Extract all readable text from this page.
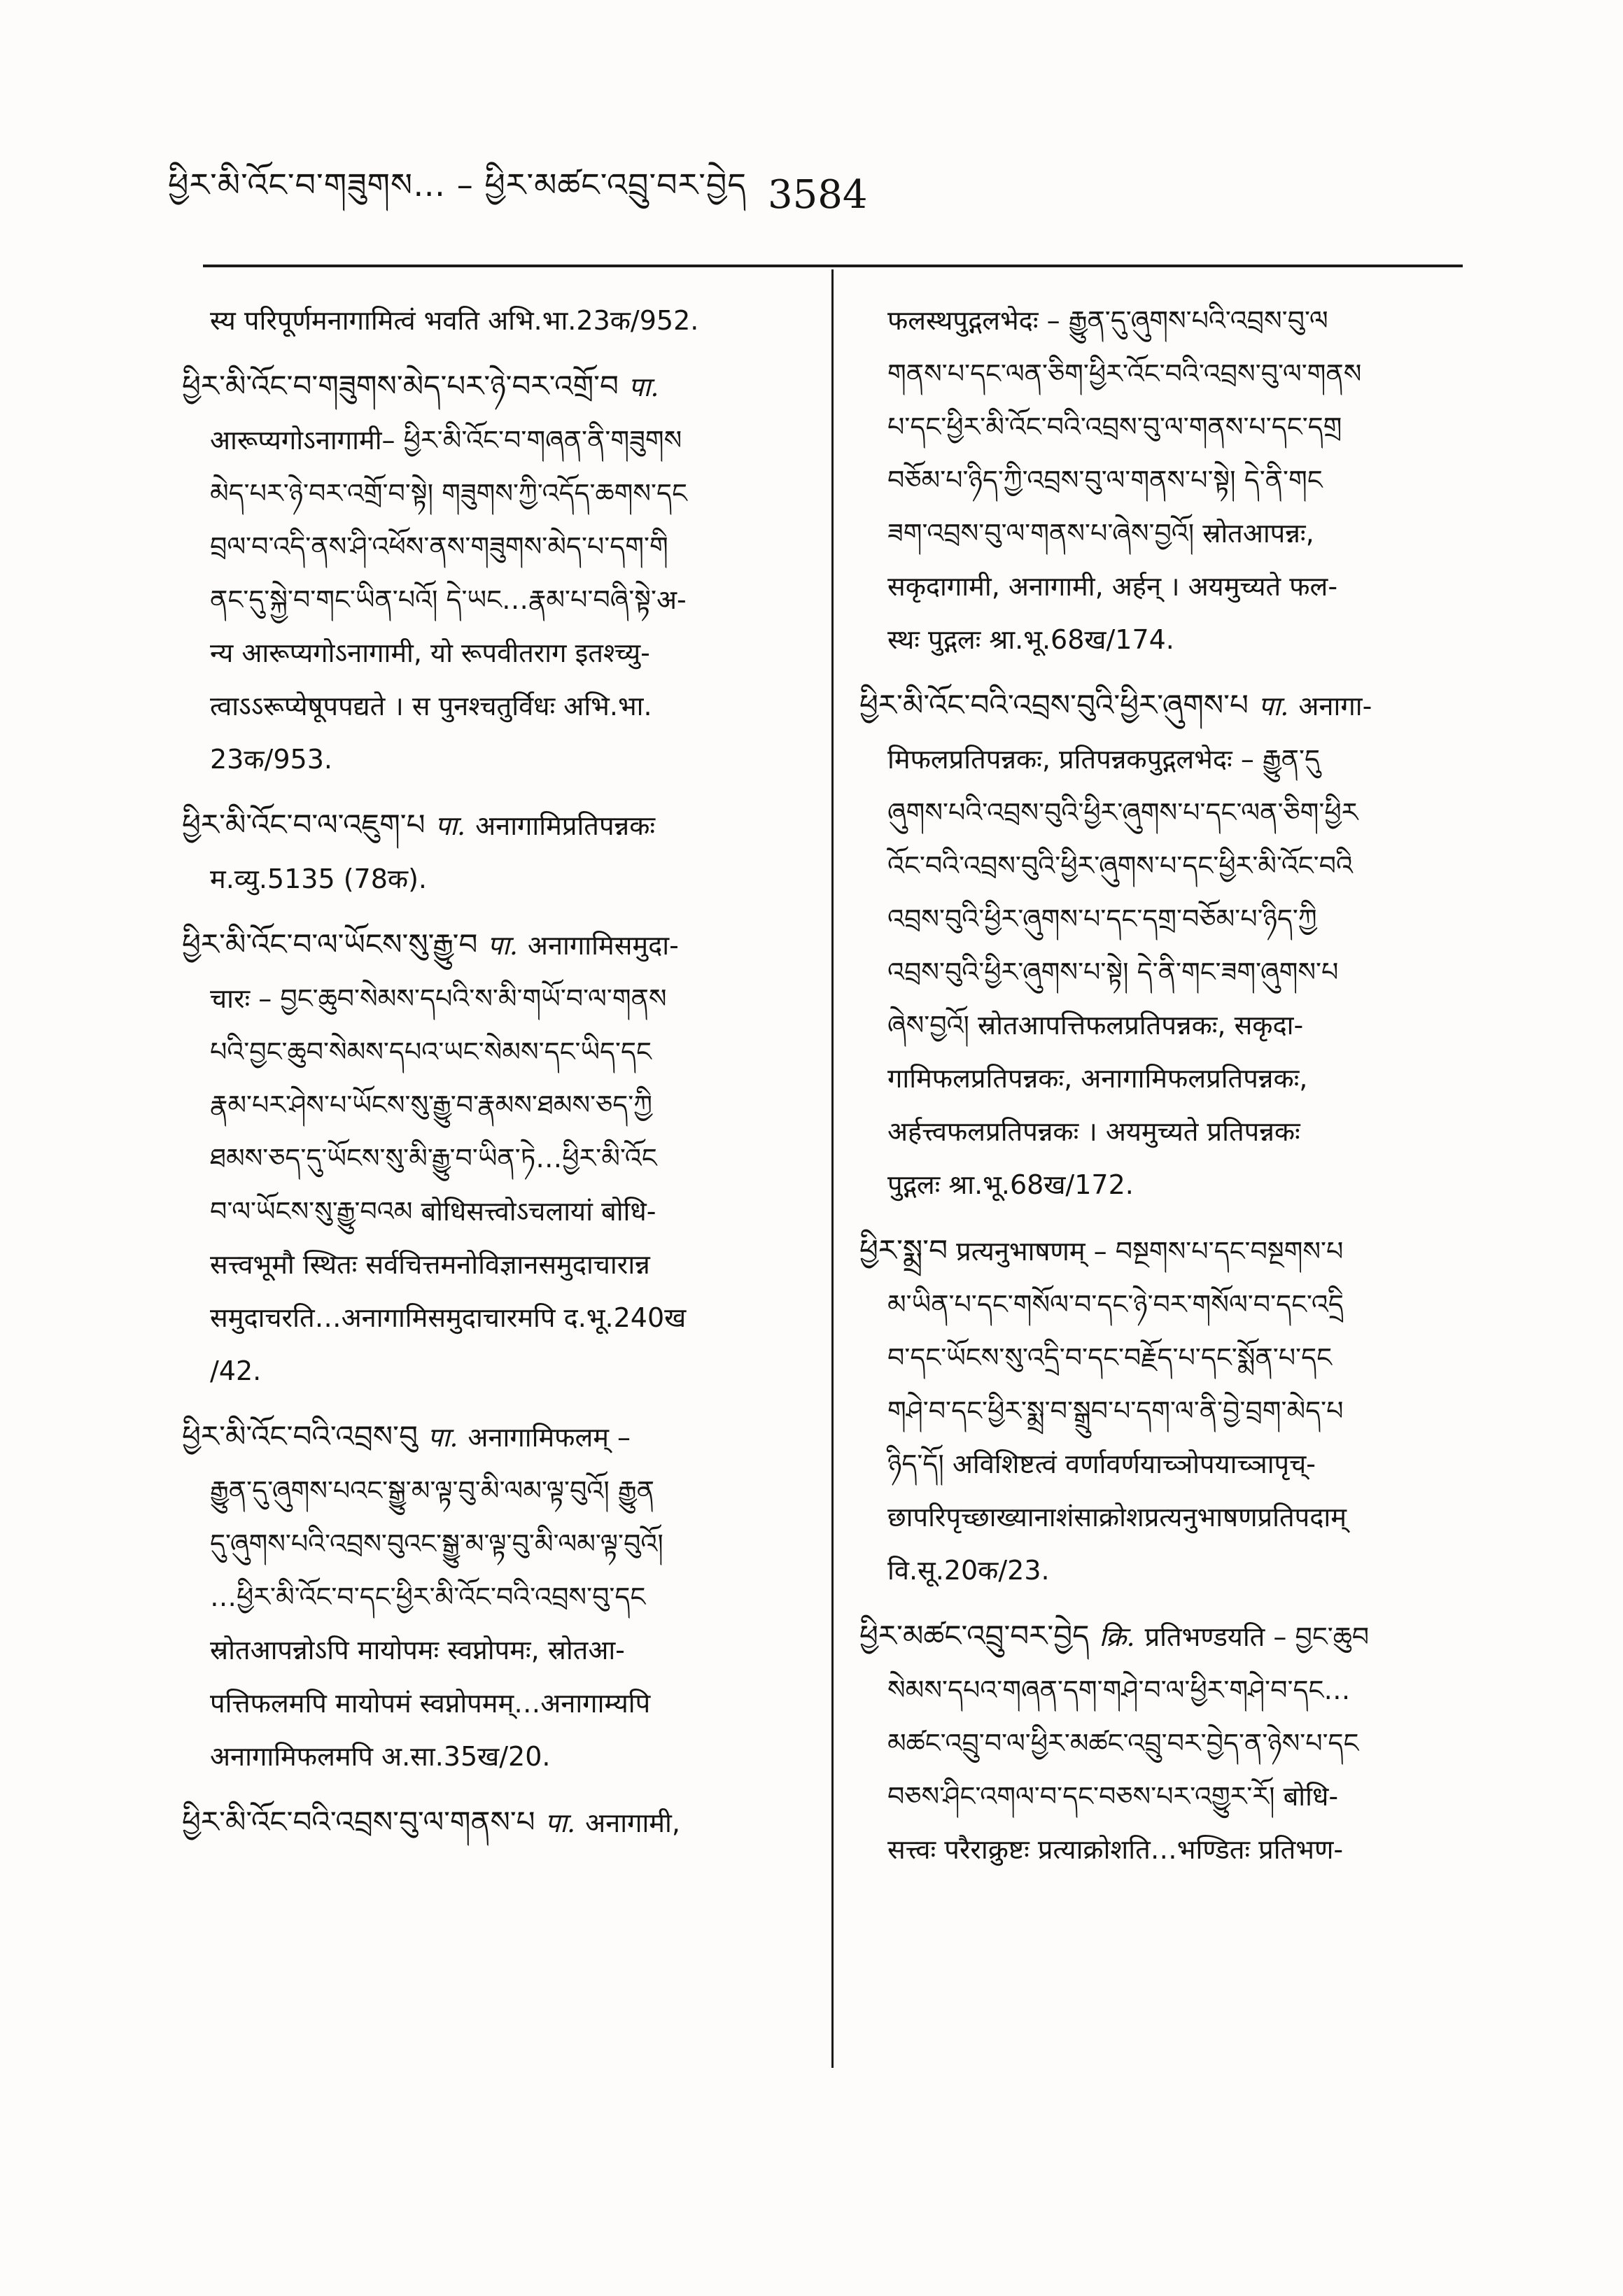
ཕྱིར་མི་འོང་བ་གཟུགས… – ཕྱིར་མཚང་འབྲུ་བར་བྱེད 3584

स्य परिपूर्णमनागामित्वं भवति अभि.भा.23क/952.

ཕྱིར་མི་འོང་བ་གཟུགས་མེད་པར་ཉེ་བར་འགྲོ་བ पा.

आरूप्यगोऽनागामी– ཕྱིར་མི་འོང་བ་གཞན་ནི་གཟུགས

མེད་པར་ཉེ་བར་འགྲོ་བ་སྟེ། གཟུགས་ཀྱི་འདོད་ཆགས་དང

བྲལ་བ་འདི་ནས་ཤི་འཕོས་ནས་གཟུགས་མེད་པ་དག་གི

ནང་དུ་སྐྱེ་བ་གང་ཡིན་པའོ། དེ་ཡང…རྣམ་པ་བཞི་སྟེ་अ-

न्य आरूप्यगोऽनागामी, यो रूपवीतराग इतश्च्यु-

त्वाऽऽरूप्येषूपपद्यते । स पुनश्चतुर्विधः अभि.भा.

23क/953.

ཕྱིར་མི་འོང་བ་ལ་འཇུག་པ पा. अनागामिप्रतिपन्नकः

म.व्यु.5135 (78क).

ཕྱིར་མི་འོང་བ་ལ་ཡོངས་སུ་རྒྱུ་བ पा. अनागामिसमुदा-

चारः – བྱང་ཆུབ་སེམས་དཔའི་ས་མི་གཡོ་བ་ལ་གནས

པའི་བྱང་ཆུབ་སེམས་དཔའ་ཡང་སེམས་དང་ཡིད་དང

རྣམ་པར་ཤེས་པ་ཡོངས་སུ་རྒྱུ་བ་རྣམས་ཐམས་ཅད་ཀྱི

ཐམས་ཅད་དུ་ཡོངས་སུ་མི་རྒྱུ་བ་ཡིན་ཏེ…ཕྱིར་མི་འོང

བ་ལ་ཡོངས་སུ་རྒྱུ་བའམ बोधिसत्त्वोऽचलायां बोधि-

सत्त्वभूमौ स्थितः सर्वचित्तमनोविज्ञानसमुदाचारान्न

समुदाचरति…अनागामिसमुदाचारमपि द.भू.240ख

/42.

ཕྱིར་མི་འོང་བའི་འབྲས་བུ पा. अनागामिफलम् –

རྒྱུན་དུ་ཞུགས་པའང་སྒྱུ་མ་ལྟ་བུ་མི་ལམ་ལྟ་བུའོ། རྒྱུན

དུ་ཞུགས་པའི་འབྲས་བུའང་སྒྱུ་མ་ལྟ་བུ་མི་ལམ་ལྟ་བུའོ།

…ཕྱིར་མི་འོང་བ་དང་ཕྱིར་མི་འོང་བའི་འབྲས་བུ་དང

स्रोतआपन्नोऽपि मायोपमः स्वप्नोपमः, स्रोतआ-

पत्तिफलमपि मायोपमं स्वप्नोपमम्…अनागाम्यपि

अनागामिफलमपि अ.सा.35ख/20.

ཕྱིར་མི་འོང་བའི་འབྲས་བུ་ལ་གནས་པ पा. अनागामी,

फलस्थपुद्गलभेदः – རྒྱུན་དུ་ཞུགས་པའི་འབྲས་བུ་ལ

གནས་པ་དང་ལན་ཅིག་ཕྱིར་འོང་བའི་འབྲས་བུ་ལ་གནས

པ་དང་ཕྱིར་མི་འོང་བའི་འབྲས་བུ་ལ་གནས་པ་དང་དགྲ

བཅོམ་པ་ཉིད་ཀྱི་འབྲས་བུ་ལ་གནས་པ་སྟེ། དེ་ནི་གང

ཟག་འབྲས་བུ་ལ་གནས་པ་ཞེས་བྱའོ། स्रोतआपन्नः,

सकृदागामी, अनागामी, अर्हन् । अयमुच्यते फल-

स्थः पुद्गलः श्रा.भू.68ख/174.

ཕྱིར་མི་འོང་བའི་འབྲས་བུའི་ཕྱིར་ཞུགས་པ पा. अनागा-

मिफलप्रतिपन्नकः, प्रतिपन्नकपुद्गलभेदः – རྒྱུན་དུ

ཞུགས་པའི་འབྲས་བུའི་ཕྱིར་ཞུགས་པ་དང་ལན་ཅིག་ཕྱིར

འོང་བའི་འབྲས་བུའི་ཕྱིར་ཞུགས་པ་དང་ཕྱིར་མི་འོང་བའི

འབྲས་བུའི་ཕྱིར་ཞུགས་པ་དང་དགྲ་བཅོམ་པ་ཉིད་ཀྱི

འབྲས་བུའི་ཕྱིར་ཞུགས་པ་སྟེ། དེ་ནི་གང་ཟག་ཞུགས་པ

ཞེས་བྱའོ། स्रोतआपत्तिफलप्रतिपन्नकः, सकृदा-

गामिफलप्रतिपन्नकः, अनागामिफलप्रतिपन्नकः,

अर्हत्त्वफलप्रतिपन्नकः । अयमुच्यते प्रतिपन्नकः

पुद्गलः श्रा.भू.68ख/172.

ཕྱིར་སྨྲ་བ प्रत्यनुभाषणम् – བསྔགས་པ་དང་བསྔགས་པ

མ་ཡིན་པ་དང་གསོལ་བ་དང་ཉེ་བར་གསོལ་བ་དང་འདྲི

བ་དང་ཡོངས་སུ་འདྲི་བ་དང་བརྗོད་པ་དང་སྨོན་པ་དང

གཤེ་བ་དང་ཕྱིར་སྨྲ་བ་སྒྲུབ་པ་དག་ལ་ནི་བྱེ་བྲག་མེད་པ

ཉིད་དོ། अविशिष्टत्वं वर्णावर्णयाच्ञोपयाच्ञापृच्-

छापरिपृच्छाख्यानाशंसाक्रोशप्रत्यनुभाषणप्रतिपदाम्

वि.सू.20क/23.

ཕྱིར་མཚང་འབྲུ་བར་བྱེད क्रि. प्रतिभण्डयति – བྱང་ཆུབ

སེམས་དཔའ་གཞན་དག་གཤེ་བ་ལ་ཕྱིར་གཤེ་བ་དང…

མཚང་འབྲུ་བ་ལ་ཕྱིར་མཚང་འབྲུ་བར་བྱེད་ན་ཉེས་པ་དང

བཅས་ཤིང་འགལ་བ་དང་བཅས་པར་འགྱུར་རོ། बोधि-

सत्त्वः परैराक्रुष्टः प्रत्याक्रोशति…भण्डितः प्रतिभण-
